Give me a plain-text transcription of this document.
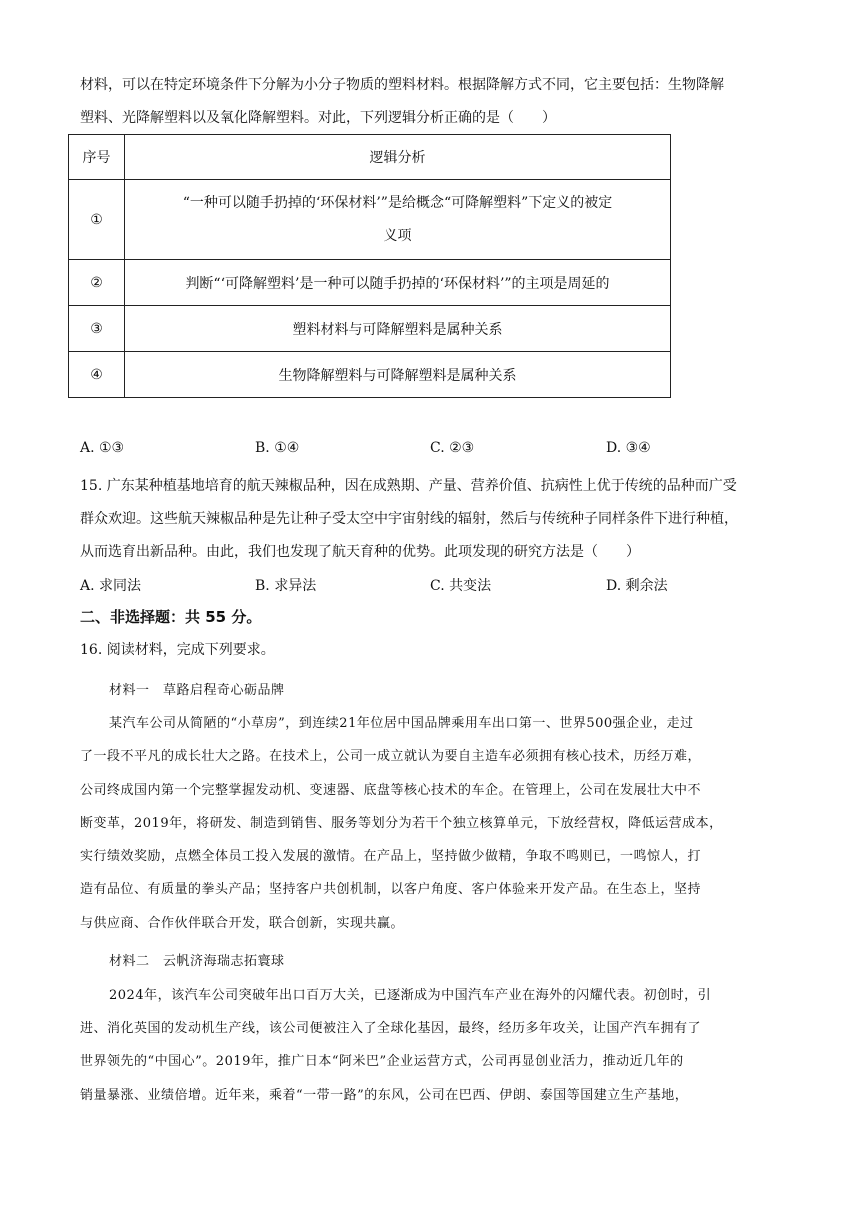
材料，可以在特定环境条件下分解为小分子物质的塑料材料。根据降解方式不同，它主要包括：生物降解
塑料、光降解塑料以及氧化降解塑料。对此，下列逻辑分析正确的是（　　）
序号	逻辑分析
①	“一种可以随手扔掉的‘环保材料’”是给概念“可降解塑料”下定义的被定
义项

②	判断“‘可降解塑料’是一种可以随手扔掉的‘环保材料’”的主项是周延的
③	塑料材料与可降解塑料是属种关系
④	生物降解塑料与可降解塑料是属种关系
A. ①③	B. ①④	C. ②③	D. ③④
15. 广东某种植基地培育的航天辣椒品种，因在成熟期、产量、营养价值、抗病性上优于传统的品种而广受
群众欢迎。这些航天辣椒品种是先让种子受太空中宇宙射线的辐射，然后与传统种子同样条件下进行种植，
从而选育出新品种。由此，我们也发现了航天育种的优势。此项发现的研究方法是（　　）
A. 求同法	B. 求异法	C. 共变法	D. 剩余法
二、非选择题：共 55 分。
16. 阅读材料，完成下列要求。
材料一　草路启程奇心砺品牌
某汽车公司从简陋的“小草房”，到连续21年位居中国品牌乘用车出口第一、世界500强企业，走过
了一段不平凡的成长壮大之路。在技术上，公司一成立就认为要自主造车必须拥有核心技术，历经万难，
公司终成国内第一个完整掌握发动机、变速器、底盘等核心技术的车企。在管理上，公司在发展壮大中不
断变革，2019年，将研发、制造到销售、服务等划分为若干个独立核算单元，下放经营权，降低运营成本，
实行绩效奖励，点燃全体员工投入发展的激情。在产品上，坚持做少做精，争取不鸣则已，一鸣惊人，打
造有品位、有质量的拳头产品；坚持客户共创机制，以客户角度、客户体验来开发产品。在生态上，坚持
与供应商、合作伙伴联合开发，联合创新，实现共赢。
材料二　云帆济海瑞志拓寰球
2024年，该汽车公司突破年出口百万大关，已逐渐成为中国汽车产业在海外的闪耀代表。初创时，引
进、消化英国的发动机生产线，该公司便被注入了全球化基因，最终，经历多年攻关，让国产汽车拥有了
世界领先的“中国心”。2019年，推广日本“阿米巴”企业运营方式，公司再显创业活力，推动近几年的
销量暴涨、业绩倍增。近年来，乘着“一带一路”的东风，公司在巴西、伊朗、泰国等国建立生产基地，
